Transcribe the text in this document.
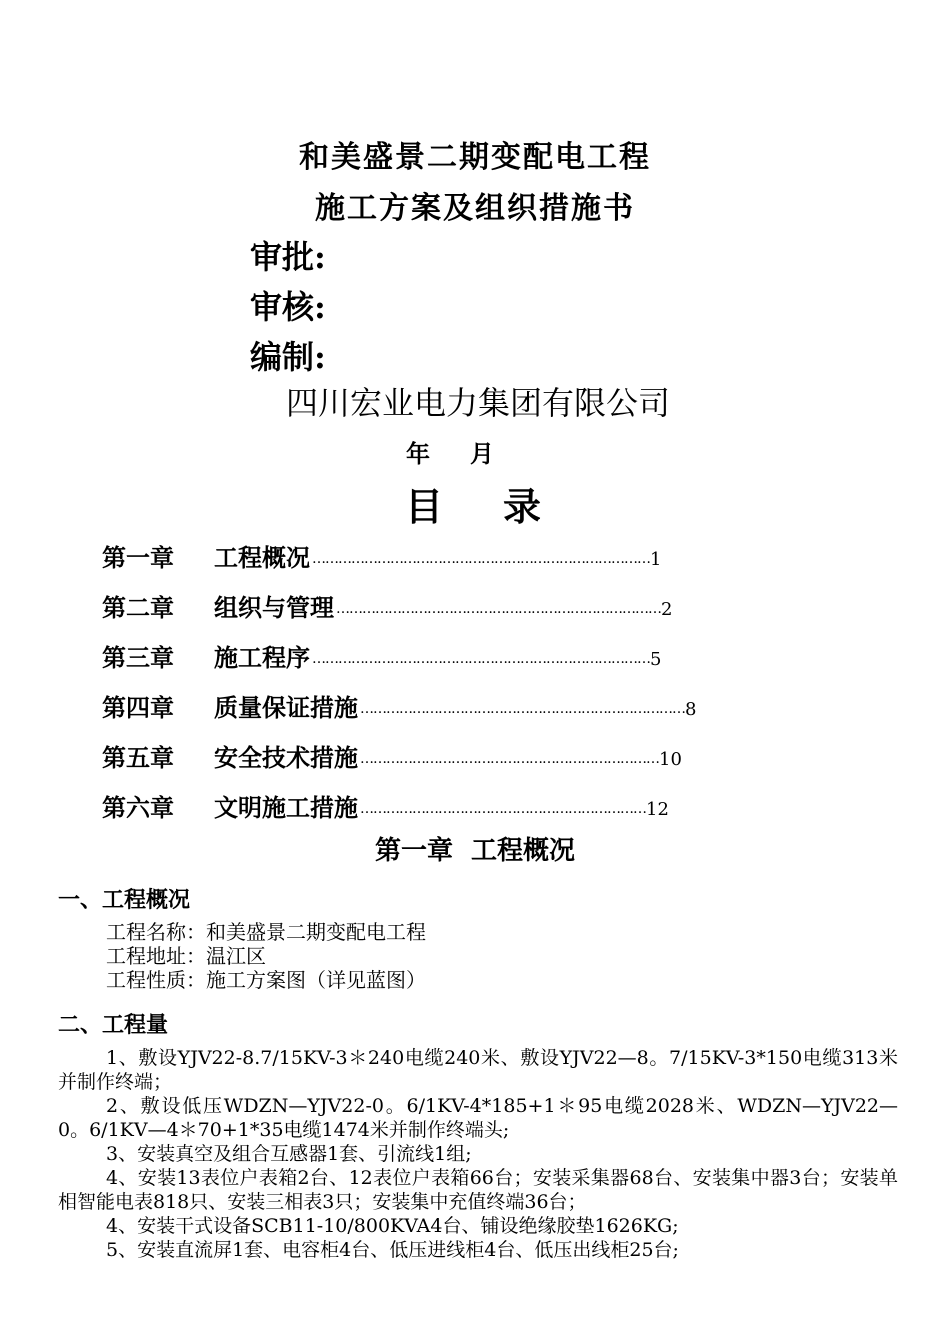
和美盛景二期变配电工程
施工方案及组织措施书
审批:
审核:
编制:
四川宏业电力集团有限公司
年 月
目 录
第一章	工程概况 …………………………………………………………………… 1
第二章	组织与管理 ………………………………………………………………… 2
第三章	施工程序 …………………………………………………………………… 5
第四章	质量保证措施 ………………………………………………………………… 8
第五章	安全技术措施 …………………………………………………………… 10
第六章	文明施工措施 ………………………………………………………… 12
第一章 工程概况
一、工程概况
工程名称：和美盛景二期变配电工程
工程地址：温江区
工程性质：施工方案图（详见蓝图）
二、工程量

1、敷设YJV22-8.7/15KV-3＊240电缆240米、敷设YJV22—8。7/15KV-3*150电缆313米并制作终端；

2、敷设低压WDZN—YJV22-0。6/1KV-4*185+1＊95电缆2028米、WDZN—YJV22—0。6/1KV—4＊70+1*35电缆1474米并制作终端头;

3、安装真空及组合互感器1套、引流线1组;

4、安装13表位户表箱2台、12表位户表箱66台；安装采集器68台、安装集中器3台；安装单相智能电表818只、安装三相表3只；安装集中充值终端36台；

4、安装干式设备SCB11-10/800KVA4台、铺设绝缘胶垫1626KG;

5、安装直流屏1套、电容柜4台、低压进线柜4台、低压出线柜25台;
